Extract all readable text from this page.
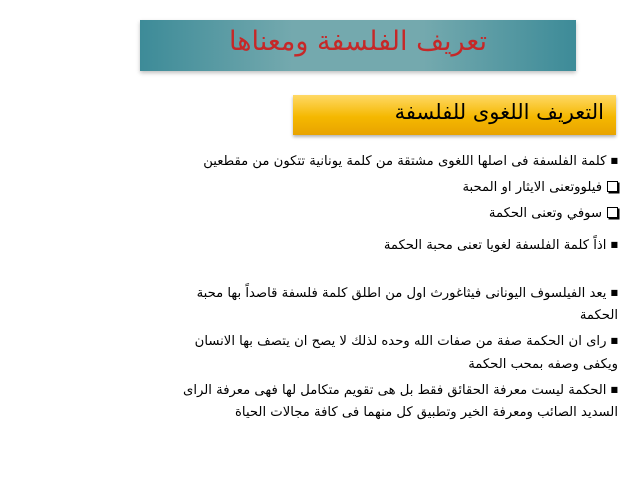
تعريف الفلسفة ومعناها
التعريف اللغوى للفلسفة
■كلمة الفلسفة فى اصلها اللغوى مشتقة من كلمة يونانية تتكون من مقطعين
فيلووتعنى الايثار او المحبة
سوفي وتعنى الحكمة
■اذاً كلمة الفلسفة لغويا تعنى محبة الحكمة
■يعد الفيلسوف اليونانى فيثاغورث اول من اطلق كلمة فلسفة قاصداً بها محبة
الحكمة
■راى ان الحكمة صفة من صفات الله وحده لذلك لا يصح ان يتصف بها الانسان
ويكفى وصفه بمحب الحكمة
■الحكمة ليست معرفة الحقائق فقط بل هى تقويم متكامل لها فهى معرفة الراى
السديد الصائب ومعرفة الخير وتطبيق كل منهما فى كافة مجالات الحياة
